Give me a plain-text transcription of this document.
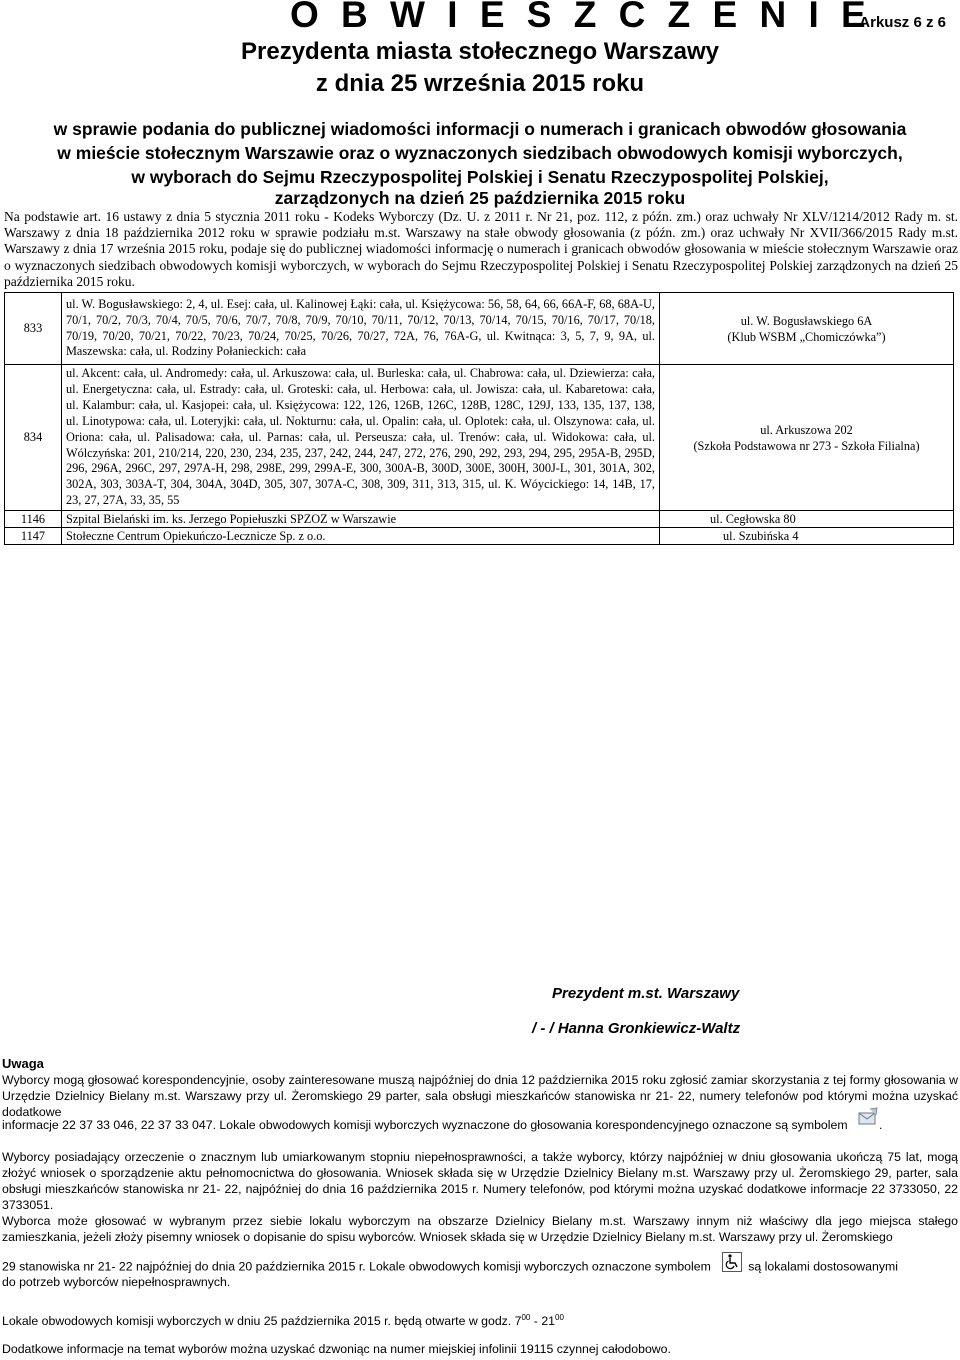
O B W I E S Z C Z E N I E
Arkusz 6 z 6
Prezydenta miasta stołecznego Warszawy
z dnia 25 września 2015 roku
w sprawie podania do publicznej wiadomości informacji o numerach i granicach obwodów głosowania
w mieście stołecznym Warszawie oraz o wyznaczonych siedzibach obwodowych komisji wyborczych,
w wyborach do Sejmu Rzeczypospolitej Polskiej i Senatu Rzeczypospolitej Polskiej,
zarządzonych na dzień 25 października 2015 roku
Na podstawie art. 16 ustawy z dnia 5 stycznia 2011 roku - Kodeks Wyborczy (Dz. U. z 2011 r. Nr 21, poz. 112, z późn. zm.) oraz uchwały Nr XLV/1214/2012 Rady m. st. Warszawy z dnia 18 października 2012 roku w sprawie podziału m.st. Warszawy na stałe obwody głosowania (z późn. zm.) oraz uchwały Nr XVII/366/2015 Rady m.st. Warszawy z dnia 17 września 2015 roku, podaje się do publicznej wiadomości informację o numerach i granicach obwodów głosowania w mieście stołecznym Warszawie oraz o wyznaczonych siedzibach obwodowych komisji wyborczych, w wyborach do Sejmu Rzeczypospolitej Polskiej i Senatu Rzeczypospolitej Polskiej zarządzonych na dzień 25 października 2015 roku.
833	ul. W. Bogusławskiego: 2, 4, ul. Esej: cała, ul. Kalinowej Łąki: cała, ul. Księżycowa: 56, 58, 64, 66, 66A-F, 68, 68A-U, 70/1, 70/2, 70/3, 70/4, 70/5, 70/6, 70/7, 70/8, 70/9, 70/10, 70/11, 70/12, 70/13, 70/14, 70/15, 70/16, 70/17, 70/18, 70/19, 70/20, 70/21, 70/22, 70/23, 70/24, 70/25, 70/26, 70/27, 72A, 76, 76A-G, ul. Kwitnąca: 3, 5, 7, 9, 9A, ul. Maszewska: cała, ul. Rodziny Połanieckich: cała	ul. W. Bogusławskiego 6A
(Klub WSBM „Chomiczówka”)

834	ul. Akcent: cała, ul. Andromedy: cała, ul. Arkuszowa: cała, ul. Burleska: cała, ul. Chabrowa: cała, ul. Dziewierza: cała, ul. Energetyczna: cała, ul. Estrady: cała, ul. Groteski: cała, ul. Herbowa: cała, ul. Jowisza: cała, ul. Kabaretowa: cała, ul. Kalambur: cała, ul. Kasjopei: cała, ul. Księżycowa: 122, 126, 126B, 126C, 128B, 128C, 129J, 133, 135, 137, 138, ul. Linotypowa: cała, ul. Loteryjki: cała, ul. Nokturnu: cała, ul. Opalin: cała, ul. Oplotek: cała, ul. Olszynowa: cała, ul. Oriona: cała, ul. Palisadowa: cała, ul. Parnas: cała, ul. Perseusza: cała, ul. Trenów: cała, ul. Widokowa: cała, ul. Wólczyńska: 201, 210/214, 220, 230, 234, 235, 237, 242, 244, 247, 272, 276, 290, 292, 293, 294, 295, 295A-B, 295D, 296, 296A, 296C, 297, 297A-H, 298, 298E, 299, 299A-E, 300, 300A-B, 300D, 300E, 300H, 300J-L, 301, 301A, 302, 302A, 303, 303A-T, 304, 304A, 304D, 305, 307, 307A-C, 308, 309, 311, 313, 315, ul. K. Wóycickiego: 14, 14B, 17, 23, 27, 27A, 33, 35, 55	ul. Arkuszowa 202
(Szkoła Podstawowa nr 273 - Szkoła Filialna)

1146	Szpital Bielański im. ks. Jerzego Popiełuszki SPZOZ w Warszawie	ul. Cegłowska 80
1147	Stołeczne Centrum Opiekuńczo-Lecznicze Sp. z o.o.	ul. Szubińska 4
Prezydent m.st. Warszawy
/ - / Hanna Gronkiewicz-Waltz
Uwaga
Wyborcy mogą głosować korespondencyjnie, osoby zainteresowane muszą najpóźniej do dnia 12 października 2015 roku zgłosić zamiar skorzystania z tej formy głosowania w Urzędzie Dzielnicy Bielany m.st. Warszawy przy ul. Żeromskiego 29 parter, sala obsługi mieszkańców stanowiska nr 21- 22, numery telefonów pod którymi można uzyskać dodatkowe
informacje 22 37 33 046, 22 37 33 047. Lokale obwodowych komisji wyborczych wyznaczone do głosowania korespondencyjnego oznaczone są symbolem	.
Wyborcy posiadający orzeczenie o znacznym lub umiarkowanym stopniu niepełnosprawności, a także wyborcy, którzy najpóźniej w dniu głosowania ukończą 75 lat, mogą złożyć wniosek o sporządzenie aktu pełnomocnictwa do głosowania. Wniosek składa się w Urzędzie Dzielnicy Bielany m.st. Warszawy przy ul. Żeromskiego 29, parter, sala obsługi mieszkańców stanowiska nr 21- 22, najpóźniej do dnia 16 października 2015 r. Numery telefonów, pod którymi można uzyskać dodatkowe informacje 22 3733050, 22 3733051.
Wyborca może głosować w wybranym przez siebie lokalu wyborczym na obszarze Dzielnicy Bielany m.st. Warszawy innym niż właściwy dla jego miejsca stałego zamieszkania, jeżeli złoży pisemny wniosek o dopisanie do spisu wyborców. Wniosek składa się w Urzędzie Dzielnicy Bielany m.st. Warszawy przy ul. Żeromskiego
29 stanowiska nr 21- 22 najpóźniej do dnia 20 października 2015 r. Lokale obwodowych komisji wyborczych oznaczone symbolem	są lokalami dostosowanymi
do potrzeb wyborców niepełnosprawnych.
Lokale obwodowych komisji wyborczych w dniu 25 października 2015 r. będą otwarte w godz. $7^{00} - 21^{00}$
Dodatkowe informacje na temat wyborów można uzyskać dzwoniąc na numer miejskiej infolinii 19115 czynnej całodobowo.
